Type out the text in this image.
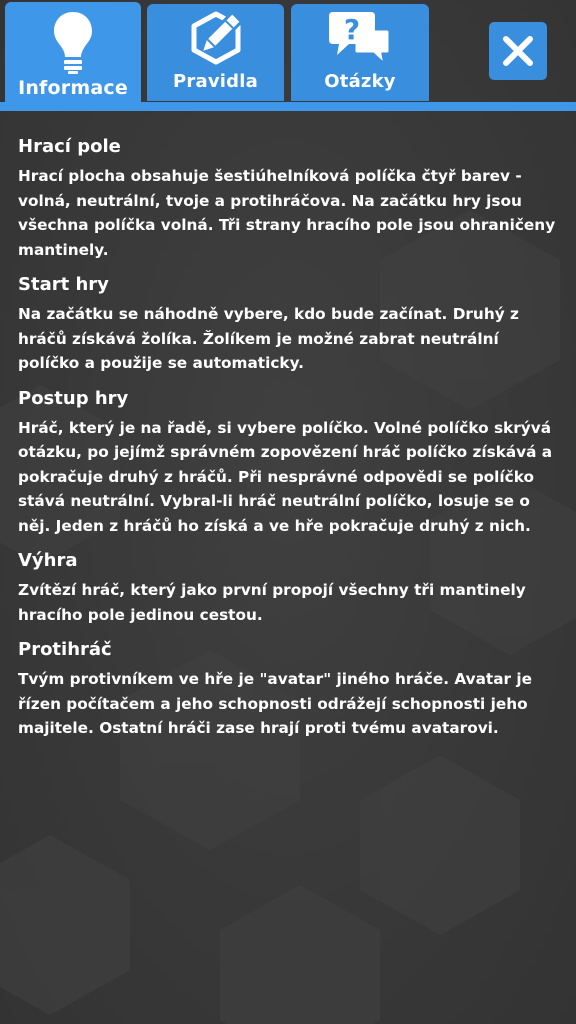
Informace	Pravidla
?
Otázky
Hrací pole
Hrací plocha obsahuje šestiúhelníková políčka čtyř barev - volná, neutrální, tvoje a protihráčova. Na začátku hry jsou všechna políčka volná. Tři strany hracího pole jsou ohraničeny mantinely.
Start hry
Na začátku se náhodně vybere, kdo bude začínat. Druhý z hráčů získává žolíka. Žolíkem je možné zabrat neutrální políčko a použije se automaticky.
Postup hry
Hráč, který je na řadě, si vybere políčko. Volné políčko skrývá otázku, po jejímž správném zopovězení hráč políčko získává a pokračuje druhý z hráčů. Při nesprávné odpovědi se políčko stává neutrální. Vybral-li hráč neutrální políčko, losuje se o něj. Jeden z hráčů ho získá a ve hře pokračuje druhý z nich.
Výhra
Zvítězí hráč, který jako první propojí všechny tři mantinely hracího pole jedinou cestou.
Protihráč
Tvým protivníkem ve hře je "avatar" jiného hráče. Avatar je řízen počítačem a jeho schopnosti odrážejí schopnosti jeho majitele. Ostatní hráči zase hrají proti tvému avatarovi.
